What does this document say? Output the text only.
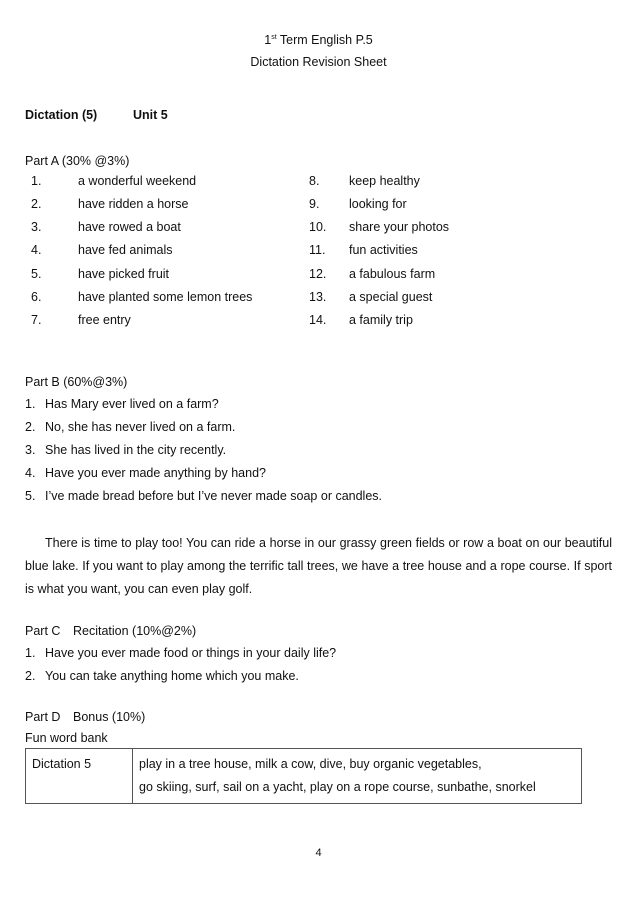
1st Term English P.5
Dictation Revision Sheet
Dictation (5)	Unit 5
Part A (30% @3%)
1.	a wonderful weekend
2.	have ridden a horse
3.	have rowed a boat
4.	have fed animals
5.	have picked fruit
6.	have planted some lemon trees
7.	free entry
8. keep healthy
9. looking for
10. share your photos
11. fun activities
12. a fabulous farm
13. a special guest
14. a family trip
Part B (60%@3%)
1. Has Mary ever lived on a farm?
2. No, she has never lived on a farm.
3. She has lived in the city recently.
4. Have you ever made anything by hand?
5. I’ve made bread before but I’ve never made soap or candles.
There is time to play too! You can ride a horse in our grassy green fields or row a boat on our beautiful blue lake. If you want to play among the terrific tall trees, we have a tree house and a rope course. If sport is what you want, you can even play golf.
Part C Recitation (10%@2%)
1. Have you ever made food or things in your daily life?
2. You can take anything home which you make.
Part D Bonus (10%)
Fun word bank
Dictation 5	play in a tree house, milk a cow, dive, buy organic vegetables,
go skiing, surf, sail on a yacht, play on a rope course, sunbathe, snorkel
4
